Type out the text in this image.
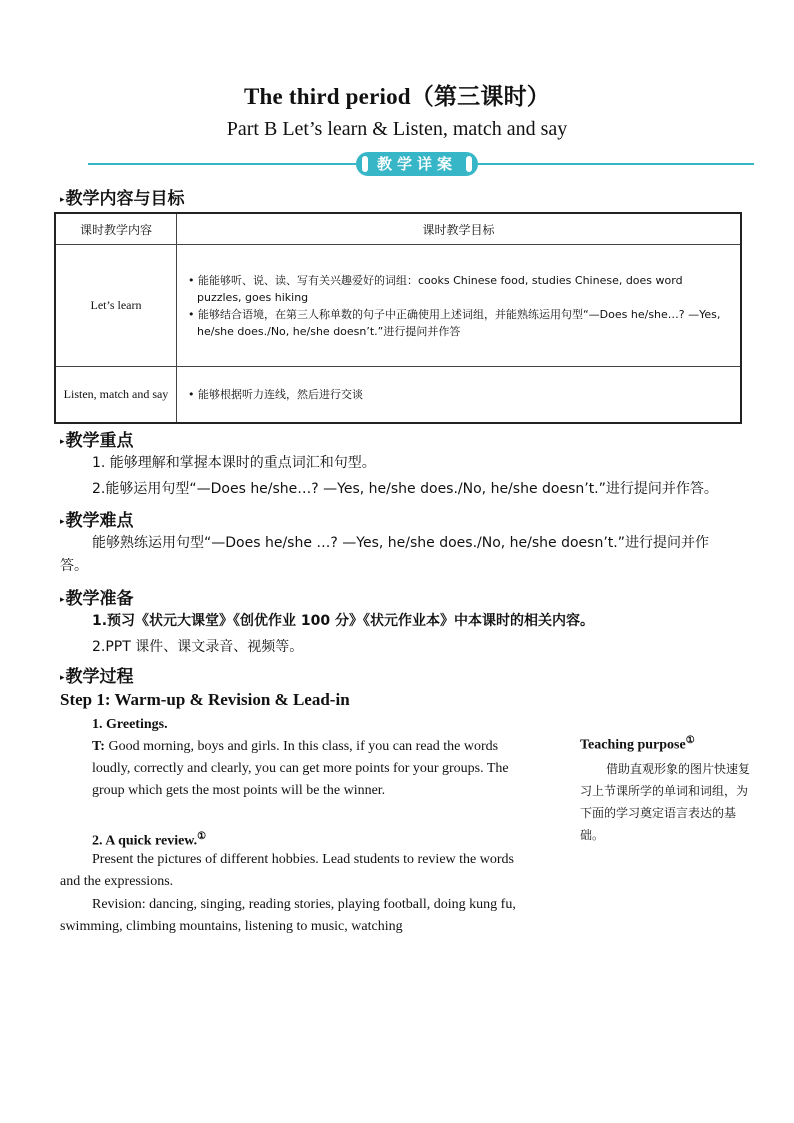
The third period（第三课时）
Part B Let’s learn & Listen, match and say
教学详案
▸教学内容与目标
课时教学内容	课时教学目标
Let’s learn	• 能能够听、说、读、写有关兴趣爱好的词组：cooks Chinese food, studies Chinese, does word puzzles, goes hiking
• 能够结合语境，在第三人称单数的句子中正确使用上述词组，并能熟练运用句型“—Does he/she…? —Yes, he/she does./No, he/she doesn’t.”进行提问并作答

Listen, match and say	• 能够根据听力连线，然后进行交谈
▸教学重点
1. 能够理解和掌握本课时的重点词汇和句型。
2.能够运用句型“—Does he/she…? —Yes, he/she does./No, he/she doesn’t.”进行提问并作答。
▸教学难点
能够熟练运用句型“—Does he/she …? —Yes, he/she does./No, he/she doesn’t.”进行提问并作答。
▸教学准备
1.预习《状元大课堂》《创优作业 100 分》《状元作业本》中本课时的相关内容。
2.PPT 课件、课文录音、视频等。
▸教学过程
Step 1: Warm-up & Revision & Lead-in
1. Greetings.
T: Good morning, boys and girls. In this class, if you can read the words loudly, correctly and clearly, you can get more points for your groups. The group which gets the most points will be the winner.
2. A quick review.①
Present the pictures of different hobbies. Lead students to review the words and the expressions.
Revision: dancing, singing, reading stories, playing football, doing kung fu, swimming, climbing mountains, listening to music, watching
Teaching purpose①
借助直观形象的图片快速复习上节课所学的单词和词组，为下面的学习奠定语言表达的基础。
